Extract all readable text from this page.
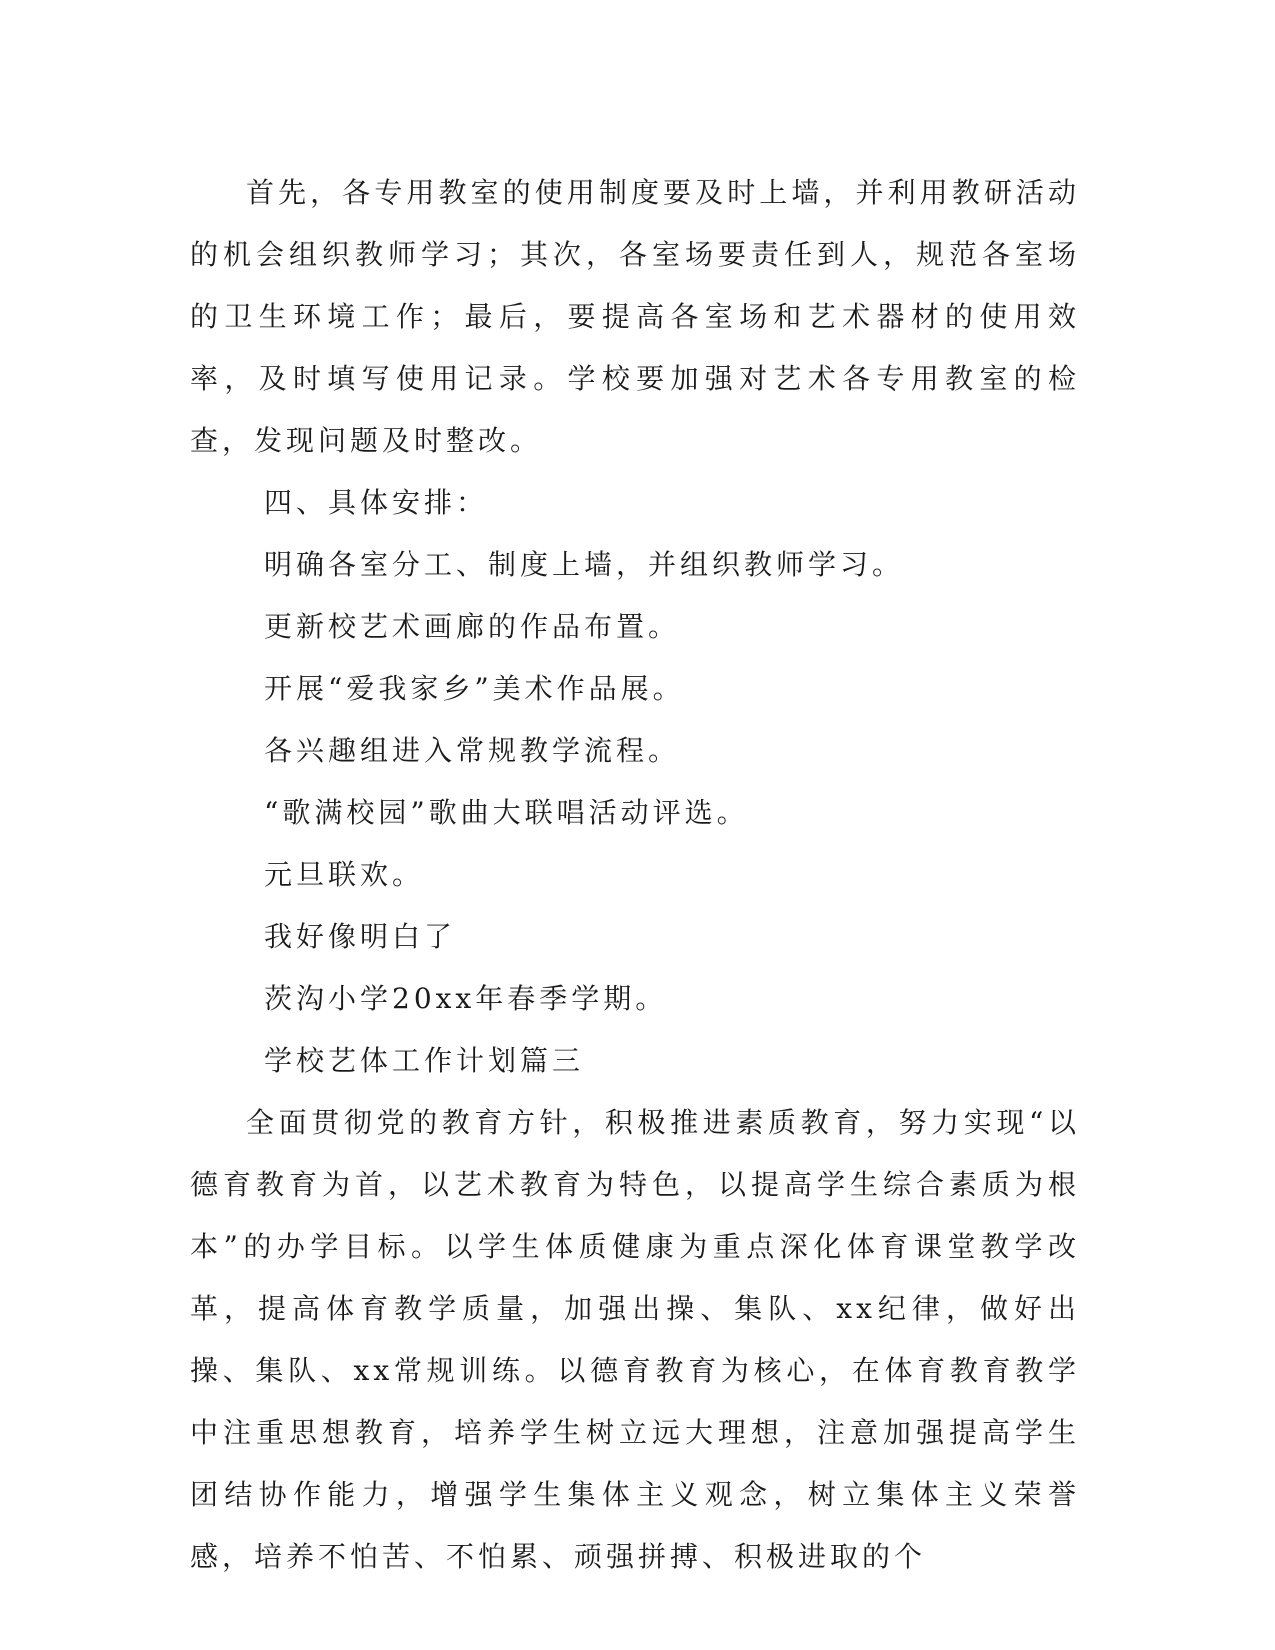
首先，各专用教室的使用制度要及时上墙，并利用教研活动的机会组织教师学习；其次，各室场要责任到人，规范各室场的卫生环境工作；最后，要提高各室场和艺术器材的使用效率，及时填写使用记录。学校要加强对艺术各专用教室的检查，发现问题及时整改。

四、具体安排：

明确各室分工、制度上墙，并组织教师学习。

更新校艺术画廊的作品布置。

开展“爱我家乡”美术作品展。

各兴趣组进入常规教学流程。

“歌满校园”歌曲大联唱活动评选。

元旦联欢。

我好像明白了

茨沟小学20xx年春季学期。

学校艺体工作计划篇三

全面贯彻党的教育方针，积极推进素质教育，努力实现“以德育教育为首，以艺术教育为特色，以提高学生综合素质为根本”的办学目标。以学生体质健康为重点深化体育课堂教学改革，提高体育教学质量，加强出操、集队、xx纪律，做好出操、集队、xx常规训练。以德育教育为核心，在体育教育教学中注重思想教育，培养学生树立远大理想，注意加强提高学生团结协作能力，增强学生集体主义观念，树立集体主义荣誉感，培养不怕苦、不怕累、顽强拼搏、积极进取的个
